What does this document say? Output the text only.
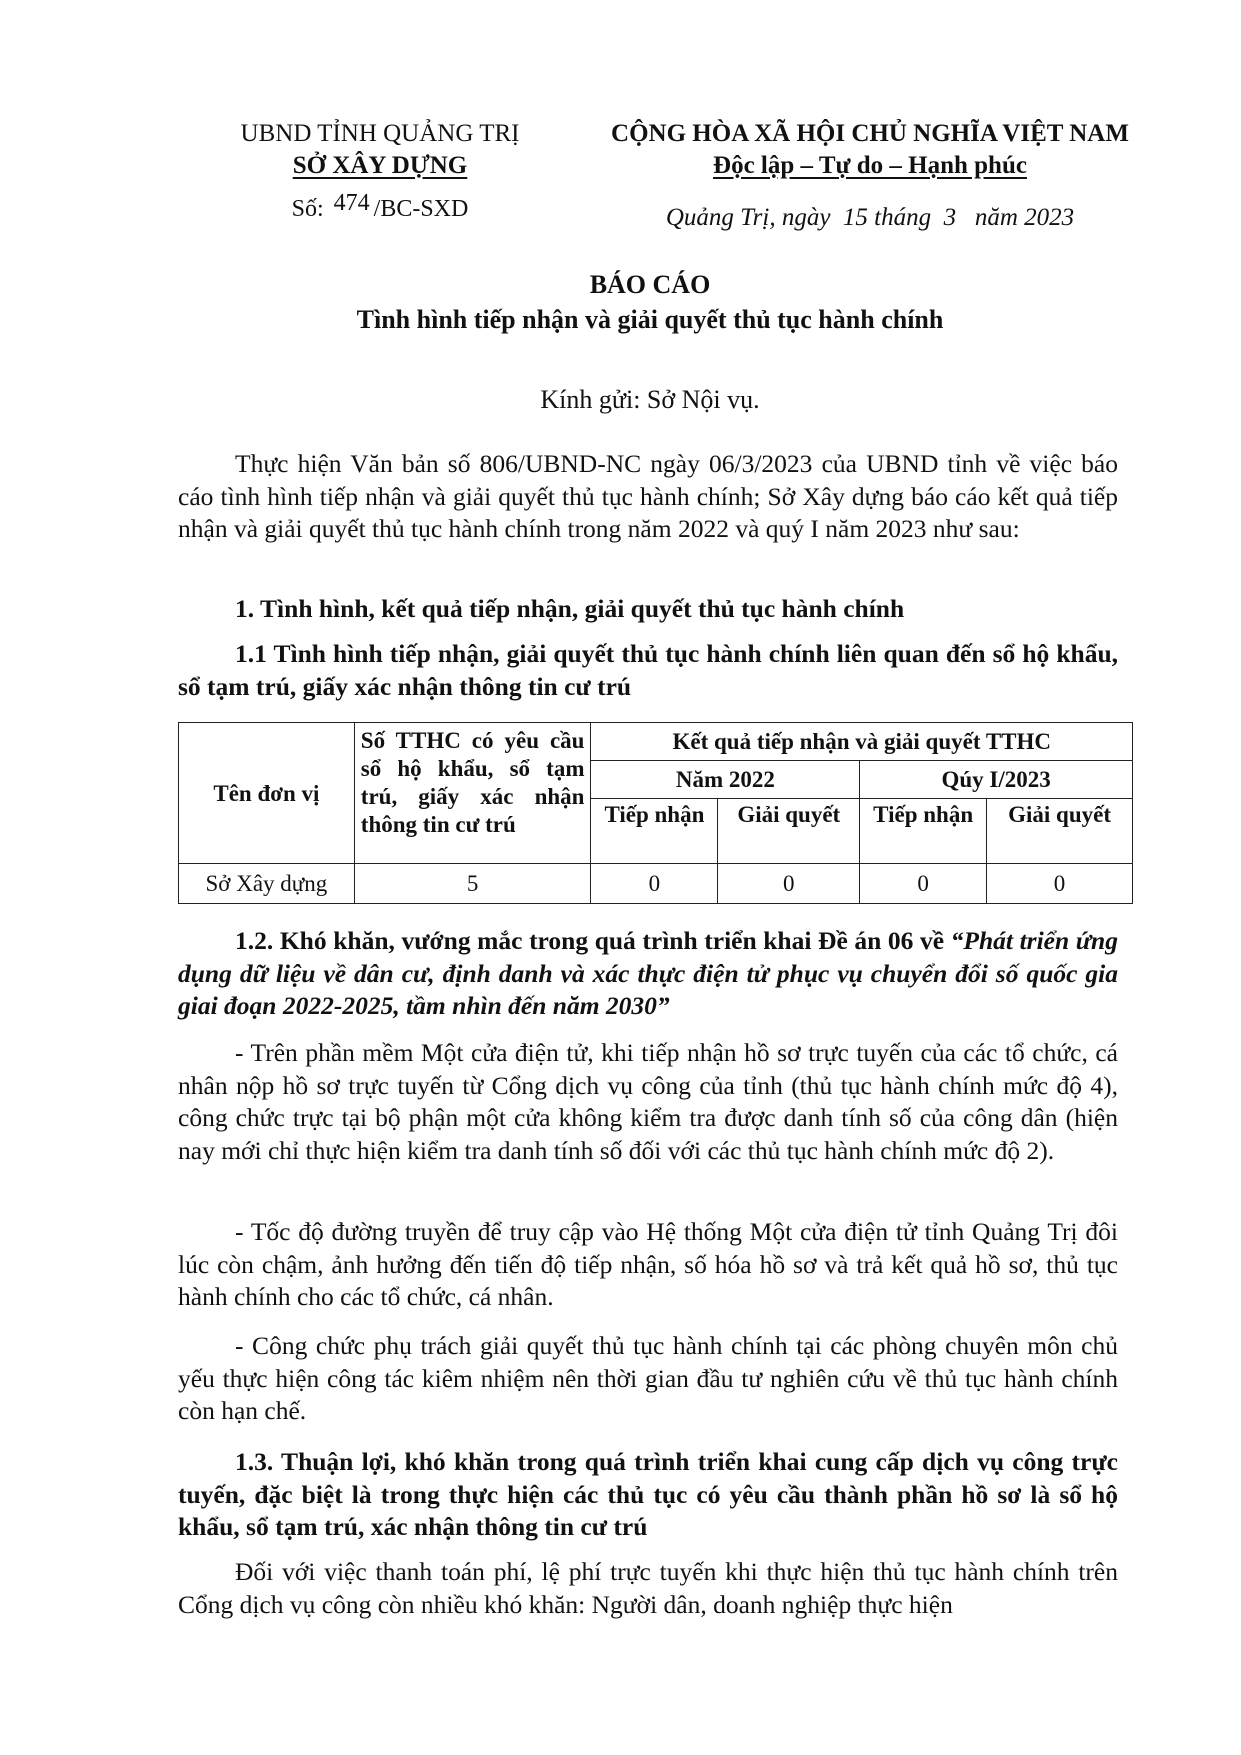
UBND TỈNH QUẢNG TRỊ
SỞ XÂY DỰNG
Số: 474 /BC-SXD
CỘNG HÒA XÃ HỘI CHỦ NGHĨA VIỆT NAM
Độc lập – Tự do – Hạnh phúc
Quảng Trị, ngày  15 tháng  3   năm 2023
BÁO CÁO
Tình hình tiếp nhận và giải quyết thủ tục hành chính
Kính gửi: Sở Nội vụ.

Thực hiện Văn bản số 806/UBND-NC ngày 06/3/2023 của UBND tỉnh về việc báo cáo tình hình tiếp nhận và giải quyết thủ tục hành chính; Sở Xây dựng báo cáo kết quả tiếp nhận và giải quyết thủ tục hành chính trong năm 2022 và quý I năm 2023 như sau:

1. Tình hình, kết quả tiếp nhận, giải quyết thủ tục hành chính

1.1 Tình hình tiếp nhận, giải quyết thủ tục hành chính liên quan đến sổ hộ khẩu, sổ tạm trú, giấy xác nhận thông tin cư trú

Tên đơn vị	Số TTHC có yêu cầu sổ hộ khẩu, sổ tạm trú, giấy xác nhận thông tin cư trú	Kết quả tiếp nhận và giải quyết TTHC			
		Năm 2022		Qúy I/2023	
		Tiếp nhận	Giải quyết	Tiếp nhận	Giải quyết
Sở Xây dựng	5	0	0	0	0

1.2. Khó khăn, vướng mắc trong quá trình triển khai Đề án 06 về “Phát triển ứng dụng dữ liệu về dân cư, định danh và xác thực điện tử phục vụ chuyển đổi số quốc gia giai đoạn 2022-2025, tầm nhìn đến năm 2030”

- Trên phần mềm Một cửa điện tử, khi tiếp nhận hồ sơ trực tuyến của các tổ chức, cá nhân nộp hồ sơ trực tuyến từ Cổng dịch vụ công của tỉnh (thủ tục hành chính mức độ 4), công chức trực tại bộ phận một cửa không kiểm tra được danh tính số của công dân (hiện nay mới chỉ thực hiện kiểm tra danh tính số đối với các thủ tục hành chính mức độ 2).

- Tốc độ đường truyền để truy cập vào Hệ thống Một cửa điện tử tỉnh Quảng Trị đôi lúc còn chậm, ảnh hưởng đến tiến độ tiếp nhận, số hóa hồ sơ và trả kết quả hồ sơ, thủ tục hành chính cho các tổ chức, cá nhân.

- Công chức phụ trách giải quyết thủ tục hành chính tại các phòng chuyên môn chủ yếu thực hiện công tác kiêm nhiệm nên thời gian đầu tư nghiên cứu về thủ tục hành chính còn hạn chế.

1.3. Thuận lợi, khó khăn trong quá trình triển khai cung cấp dịch vụ công trực tuyến, đặc biệt là trong thực hiện các thủ tục có yêu cầu thành phần hồ sơ là sổ hộ khẩu, sổ tạm trú, xác nhận thông tin cư trú

Đối với việc thanh toán phí, lệ phí trực tuyến khi thực hiện thủ tục hành chính trên Cổng dịch vụ công còn nhiều khó khăn: Người dân, doanh nghiệp thực hiện
